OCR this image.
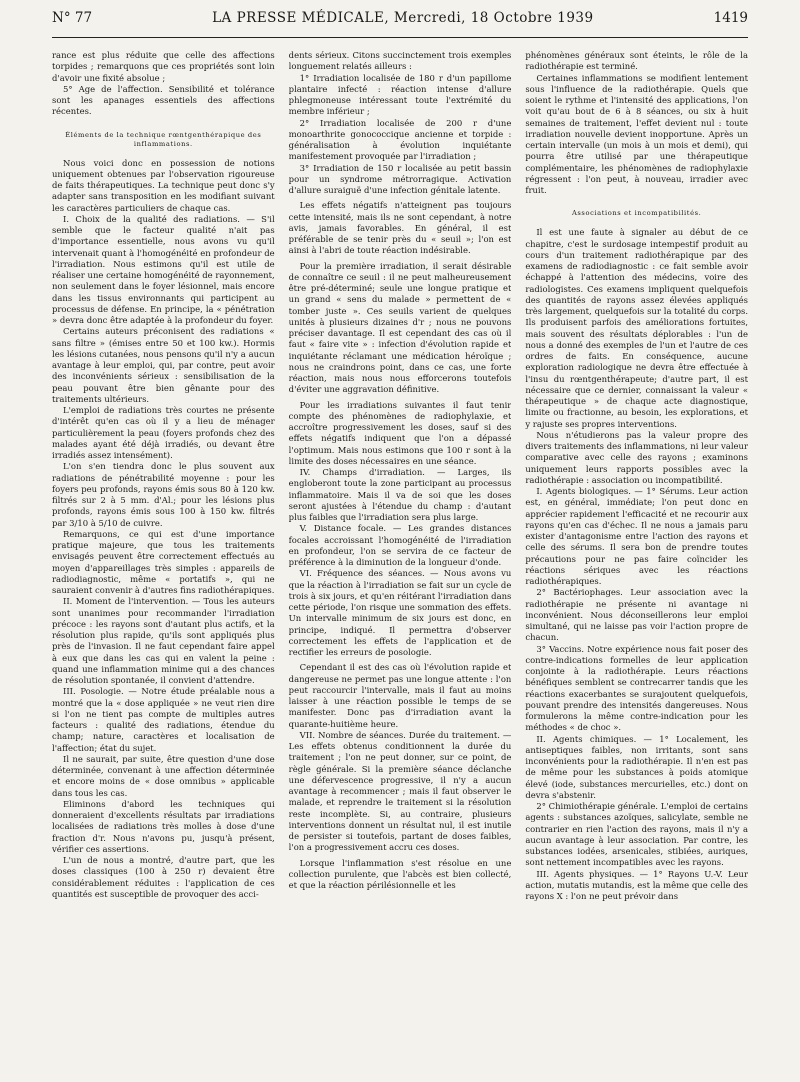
N° 77	LA PRESSE MÉDICALE, Mercredi, 18 Octobre 1939	1419

rance est plus réduite que celle des affections torpides ; remarquons que ces propriétés sont loin d'avoir une fixité absolue ;

5° Age de l'affection. Sensibilité et tolérance sont les apanages essentiels des affections récentes.

Éléments de la technique rœntgenthérapique des inflammations.

Nous voici donc en possession de notions uniquement obtenues par l'observation rigoureuse de faits thérapeutiques. La technique peut donc s'y adapter sans transposition en les modifiant suivant les caractères particuliers de chaque cas.

I. Choix de la qualité des radiations. — S'il semble que le facteur qualité n'ait pas d'importance essentielle, nous avons vu qu'il intervenait quant à l'homogénéité en profondeur de l'irradiation. Nous estimons qu'il est utile de réaliser une certaine homogénéité de rayonnement, non seulement dans le foyer lésionnel, mais encore dans les tissus environnants qui participent au processus de défense. En principe, la « pénétration » devra donc être adaptée à la profondeur du foyer.

Certains auteurs préconisent des radiations « sans filtre » (émises entre 50 et 100 kw.). Hormis les lésions cutanées, nous pensons qu'il n'y a aucun avantage à leur emploi, qui, par contre, peut avoir des inconvénients sérieux : sensibilisation de la peau pouvant être bien gênante pour des traitements ultérieurs.

L'emploi de radiations très courtes ne présente d'intérêt qu'en cas où il y a lieu de ménager particulièrement la peau (foyers profonds chez des malades ayant été déjà irradiés, ou devant être irradiés assez intensément).

L'on s'en tiendra donc le plus souvent aux radiations de pénétrabilité moyenne : pour les foyers peu profonds, rayons émis sous 80 à 120 kw. filtrés sur 2 à 5 mm. d'Al.; pour les lésions plus profonds, rayons émis sous 100 à 150 kw. filtrés par 3/10 à 5/10 de cuivre.

Remarquons, ce qui est d'une importance pratique majeure, que tous les traitements envisagés peuvent être correctement effectués au moyen d'appareillages très simples : appareils de radiodiagnostic, même « portatifs », qui ne sauraient convenir à d'autres fins radiothérapiques.

II. Moment de l'intervention. — Tous les auteurs sont unanimes pour recommander l'irradiation précoce : les rayons sont d'autant plus actifs, et la résolution plus rapide, qu'ils sont appliqués plus près de l'invasion. Il ne faut cependant faire appel à eux que dans les cas qui en valent la peine : quand une inflammation minime qui a des chances de résolution spontanée, il convient d'attendre.

III. Posologie. — Notre étude préalable nous a montré que la « dose appliquée » ne veut rien dire si l'on ne tient pas compte de multiples autres facteurs : qualité des radiations, étendue du champ; nature, caractères et localisation de l'affection; état du sujet.

Il ne saurait, par suite, être question d'une dose déterminée, convenant à une affection déterminée et encore moins de « dose omnibus » applicable dans tous les cas.

Eliminons d'abord les techniques qui donneraient d'excellents résultats par irradiations localisées de radiations très molles à dose d'une fraction d'r. Nous n'avons pu, jusqu'à présent, vérifier ces assertions.

L'un de nous a montré, d'autre part, que les doses classiques (100 à 250 r) devaient être considérablement réduites : l'application de ces quantités est susceptible de provoquer des acci-

dents sérieux. Citons succinctement trois exemples longuement relatés ailleurs :

1° Irradiation localisée de 180 r d'un papillome plantaire infecté : réaction intense d'allure phlegmoneuse intéressant toute l'extrémité du membre inférieur ;

2° Irradiation localisée de 200 r d'une monoarthrite gonococcique ancienne et torpide : généralisation à évolution inquiétante manifestement provoquée par l'irradiation ;

3° Irradiation de 150 r localisée au petit bassin pour un syndrome métrorragique. Activation d'allure suraiguë d'une infection génitale latente.

Les effets négatifs n'atteignent pas toujours cette intensité, mais ils ne sont cependant, à notre avis, jamais favorables. En général, il est préférable de se tenir près du « seuil »; l'on est ainsi à l'abri de toute réaction indésirable.

Pour la première irradiation, il serait désirable de connaître ce seuil : il ne peut malheureusement être pré-déterminé; seule une longue pratique et un grand « sens du malade » permettent de « tomber juste ». Ces seuils varient de quelques unités à plusieurs dizaines d'r ; nous ne pouvons préciser davantage. Il est cependant des cas où il faut « faire vite » : infection d'évolution rapide et inquiétante réclamant une médication héroïque ; nous ne craindrons point, dans ce cas, une forte réaction, mais nous nous efforcerons toutefois d'éviter une aggravation définitive.

Pour les irradiations suivantes il faut tenir compte des phénomènes de radiophylaxie, et accroître progressivement les doses, sauf si des effets négatifs indiquent que l'on a dépassé l'optimum. Mais nous estimons que 100 r sont à la limite des doses nécessaires en une séance.

IV. Champs d'irradiation. — Larges, ils engloberont toute la zone participant au processus inflammatoire. Mais il va de soi que les doses seront ajustées à l'étendue du champ : d'autant plus faibles que l'irradiation sera plus large.

V. Distance focale. — Les grandes distances focales accroissant l'homogénéité de l'irradiation en profondeur, l'on se servira de ce facteur de préférence à la diminution de la longueur d'onde.

VI. Fréquence des séances. — Nous avons vu que la réaction à l'irradiation se fait sur un cycle de trois à six jours, et qu'en réitérant l'irradiation dans cette période, l'on risque une sommation des effets. Un intervalle minimum de six jours est donc, en principe, indiqué. Il permettra d'observer correctement les effets de l'application et de rectifier les erreurs de posologie.

Cependant il est des cas où l'évolution rapide et dangereuse ne permet pas une longue attente : l'on peut raccourcir l'intervalle, mais il faut au moins laisser à une réaction possible le temps de se manifester. Donc pas d'irradiation avant la quarante-huitième heure.

VII. Nombre de séances. Durée du traitement. — Les effets obtenus conditionnent la durée du traitement ; l'on ne peut donner, sur ce point, de règle générale. Si la première séance déclanche une défervescence progressive, il n'y a aucun avantage à recommencer ; mais il faut observer le malade, et reprendre le traitement si la résolution reste incomplète. Si, au contraire, plusieurs interventions donnent un résultat nul, il est inutile de persister si toutefois, partant de doses faibles, l'on a progressivement accru ces doses.

Lorsque l'inflammation s'est résolue en une collection purulente, que l'abcès est bien collecté, et que la réaction périlésionnelle et les

phénomènes généraux sont éteints, le rôle de la radiothérapie est terminé.

Certaines inflammations se modifient lentement sous l'influence de la radiothérapie. Quels que soient le rythme et l'intensité des applications, l'on voit qu'au bout de 6 à 8 séances, ou six à huit semaines de traitement, l'effet devient nul : toute irradiation nouvelle devient inopportune. Après un certain intervalle (un mois à un mois et demi), qui pourra être utilisé par une thérapeutique complémentaire, les phénomènes de radiophylaxie régressent : l'on peut, à nouveau, irradier avec fruit.

Associations et incompatibilités.

Il est une faute à signaler au début de ce chapitre, c'est le surdosage intempestif produit au cours d'un traitement radiothérapique par des examens de radiodiagnostic : ce fait semble avoir échappé à l'attention des médecins, voire des radiologistes. Ces examens impliquent quelquefois des quantités de rayons assez élevées appliqués très largement, quelquefois sur la totalité du corps. Ils produisent parfois des améliorations fortuites, mais souvent des résultats déplorables : l'un de nous a donné des exemples de l'un et l'autre de ces ordres de faits. En conséquence, aucune exploration radiologique ne devra être effectuée à l'insu du rœntgenthérapeute; d'autre part, il est nécessaire que ce dernier, connaissant la valeur « thérapeutique » de chaque acte diagnostique, limite ou fractionne, au besoin, les explorations, et y rajuste ses propres interventions.

Nous n'étudierons pas la valeur propre des divers traitements des inflammations, ni leur valeur comparative avec celle des rayons ; examinons uniquement leurs rapports possibles avec la radiothérapie : association ou incompatibilité.

I. Agents biologiques. — 1° Sérums. Leur action est, en général, immédiate; l'on peut donc en apprécier rapidement l'efficacité et ne recourir aux rayons qu'en cas d'échec. Il ne nous a jamais paru exister d'antagonisme entre l'action des rayons et celle des sérums. Il sera bon de prendre toutes précautions pour ne pas faire coïncider les réactions sériques avec les réactions radiothérapiques.

2° Bactériophages. Leur association avec la radiothérapie ne présente ni avantage ni inconvénient. Nous déconseillerons leur emploi simultané, qui ne laisse pas voir l'action propre de chacun.

3° Vaccins. Notre expérience nous fait poser des contre-indications formelles de leur application conjointe à la radiothérapie. Leurs réactions bénéfiques semblent se contrecarrer tandis que les réactions exacerbantes se surajoutent quelquefois, pouvant prendre des intensités dangereuses. Nous formulerons la même contre-indication pour les méthodes « de choc ».

II. Agents chimiques. — 1° Localement, les antiseptiques faibles, non irritants, sont sans inconvénients pour la radiothérapie. Il n'en est pas de même pour les substances à poids atomique élevé (iode, substances mercurielles, etc.) dont on devra s'abstenir.

2° Chimiothérapie générale. L'emploi de certains agents : substances azoïques, salicylate, semble ne contrarier en rien l'action des rayons, mais il n'y a aucun avantage à leur association. Par contre, les substances iodées, arsenicales, stibiées, auriques, sont nettement incompatibles avec les rayons.

III. Agents physiques. — 1° Rayons U.-V. Leur action, mutatis mutandis, est la même que celle des rayons X : l'on ne peut prévoir dans
